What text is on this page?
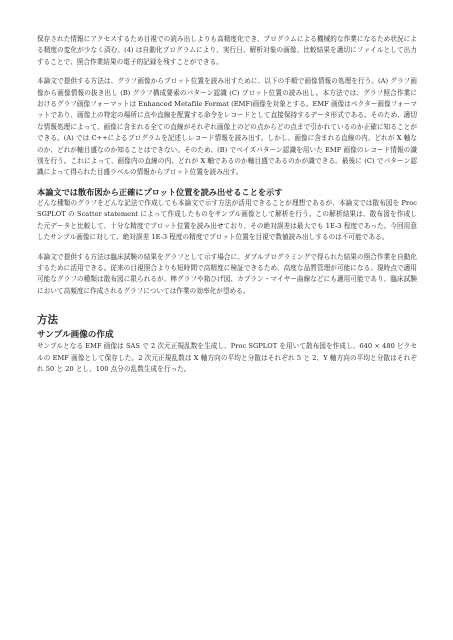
保存された情報にアクセスするため目視での読み出しよりも高精度化でき、プログラムによる機械的な作業になるため状況による精度の変化が少なく済む。(4) は自動化プログラムにより、実行日、解析対象の画像、比較結果を適切にファイルとして出力することで、照合作業結果の電子的記録を残すことができる。

本論文で提供する方法は、グラフ画像からプロット位置を読み出すために、以下の手順で画像情報の処理を行う。(A) グラフ画像から画像情報の抜き出し (B) グラフ構成要素のパターン認識 (C) プロット位置の読み出し。本方法では、グラフ照合作業におけるグラフ画像フォーマットは Enhanced Metafile Format (EMF)画像を対象とする。EMF 画像はベクター画像フォーマットであり、画像上の特定の場所に点や直線を配置する命令をレコードとして直接保持するデータ形式である。そのため、適切な情報処理によって、画像に含まれる全ての直線がそれぞれ画像上のどの点からどの点まで引かれているのか正確に知ることができる。(A) では C++によるプログラムを記述しレコード情報を読み出す。しかし、画像に含まれる直線の内、どれが X 軸なのか、どれが軸目盛なのか知ることはできない。そのため、(B) でベイズパターン認識を用いた EMF 画像のレコード情報の識別を行う。これによって、画像内の直線の内、どれが X 軸であるのか軸目盛であるのかが識できる。最後に (C) でパターン認識によって得られた目盛ラベルの情報からプロット位置を読み出す。

本論文では散布図から正確にプロット位置を読み出せることを示す

どんな種類のグラフをどんな記法で作成しても本論文で示す方法が活用できることが理想であるが、本論文では散布図を Proc SGPLOT の Scatter statement によって作成したものをサンプル画像として解析を行う。この解析結果は、散布図を作成した元データと比較して、十分な精度でプロット位置を読み出せており、その絶対誤差は最大でも 1E-3 程度であった。今回用意したサンプル画像に対して、絶対誤差 1E-3 程度の精度でプロット位置を目視で数値読み出しするのは不可能である。

本論文で提供する方法は臨床試験の結果をグラフとして示す場合に、ダブルプログラミングで得られた結果の照合作業を自動化するために活用できる。従来の目視照合よりも短時間で高精度に検証できるため、高度な品質管理が可能になる。現時点で適用可能なグラフの種類は散布図に限られるが、棒グラフや箱ひげ図、カプラン・マイヤー曲線などにも適用可能であり、臨床試験において高頻度に作成されるグラフについては作業の効率化が望める。

方法
サンプル画像の作成

サンプルとなる EMF 画像は SAS で 2 次元正規乱数を生成し、Proc SGPLOT を用いて散布図を作成し、640 × 480 ピクセルの EMF 画像として保存した。2 次元正規乱数は X 軸方向の平均と分散はそれぞれ 5 と 2、Y 軸方向の平均と分散はそれぞれ 50 と 20 とし、100 点分の乱数生成を行った。
